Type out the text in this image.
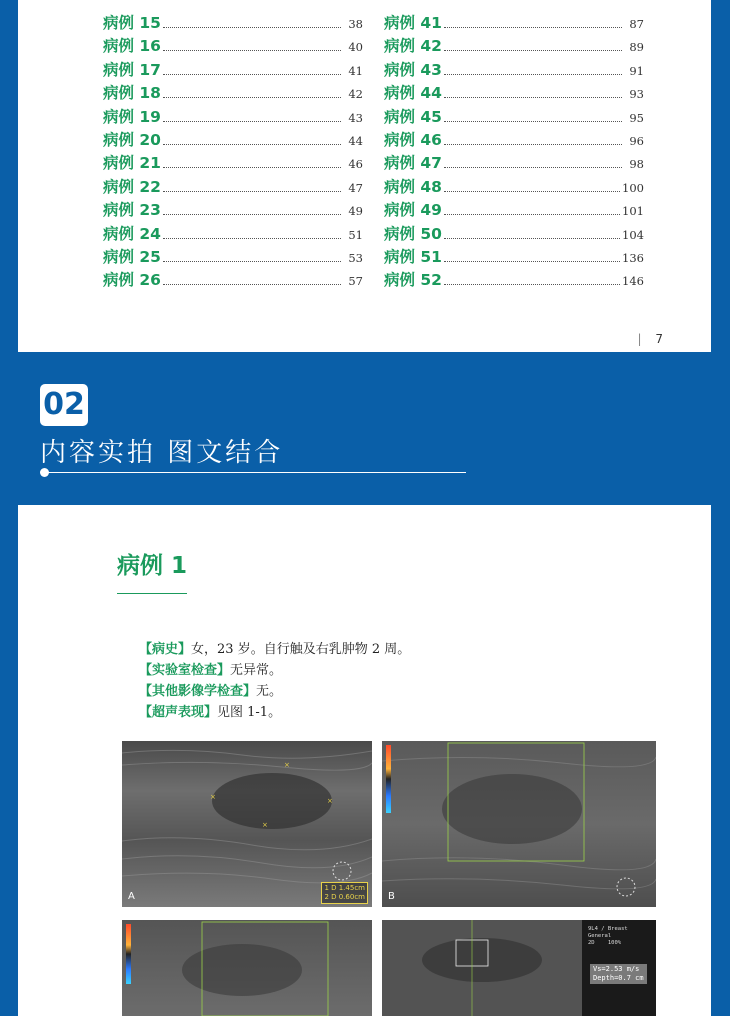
病例 15	38
病例 16	40
病例 17	41
病例 18	42
病例 19	43
病例 20	44
病例 21	46
病例 22	47
病例 23	49
病例 24	51
病例 25	53
病例 26	57
病例 41	87
病例 42	89
病例 43	91
病例 44	93
病例 45	95
病例 46	96
病例 47	98
病例 48	100
病例 49	101
病例 50	104
病例 51	136
病例 52	146
| 7
02
内容实拍 图文结合
病例 1
【病史】女，23 岁。自行触及右乳肿物 2 周。
【实验室检查】无异常。
【其他影像学检查】无。
【超声表现】见图 1-1。
×	×
×
×
A
1 D 1.45cm
2 D 0.60cm B
9L4 / Breast
General
2D 100%
Vs=2.53 m/s
Depth=0.7 cm
